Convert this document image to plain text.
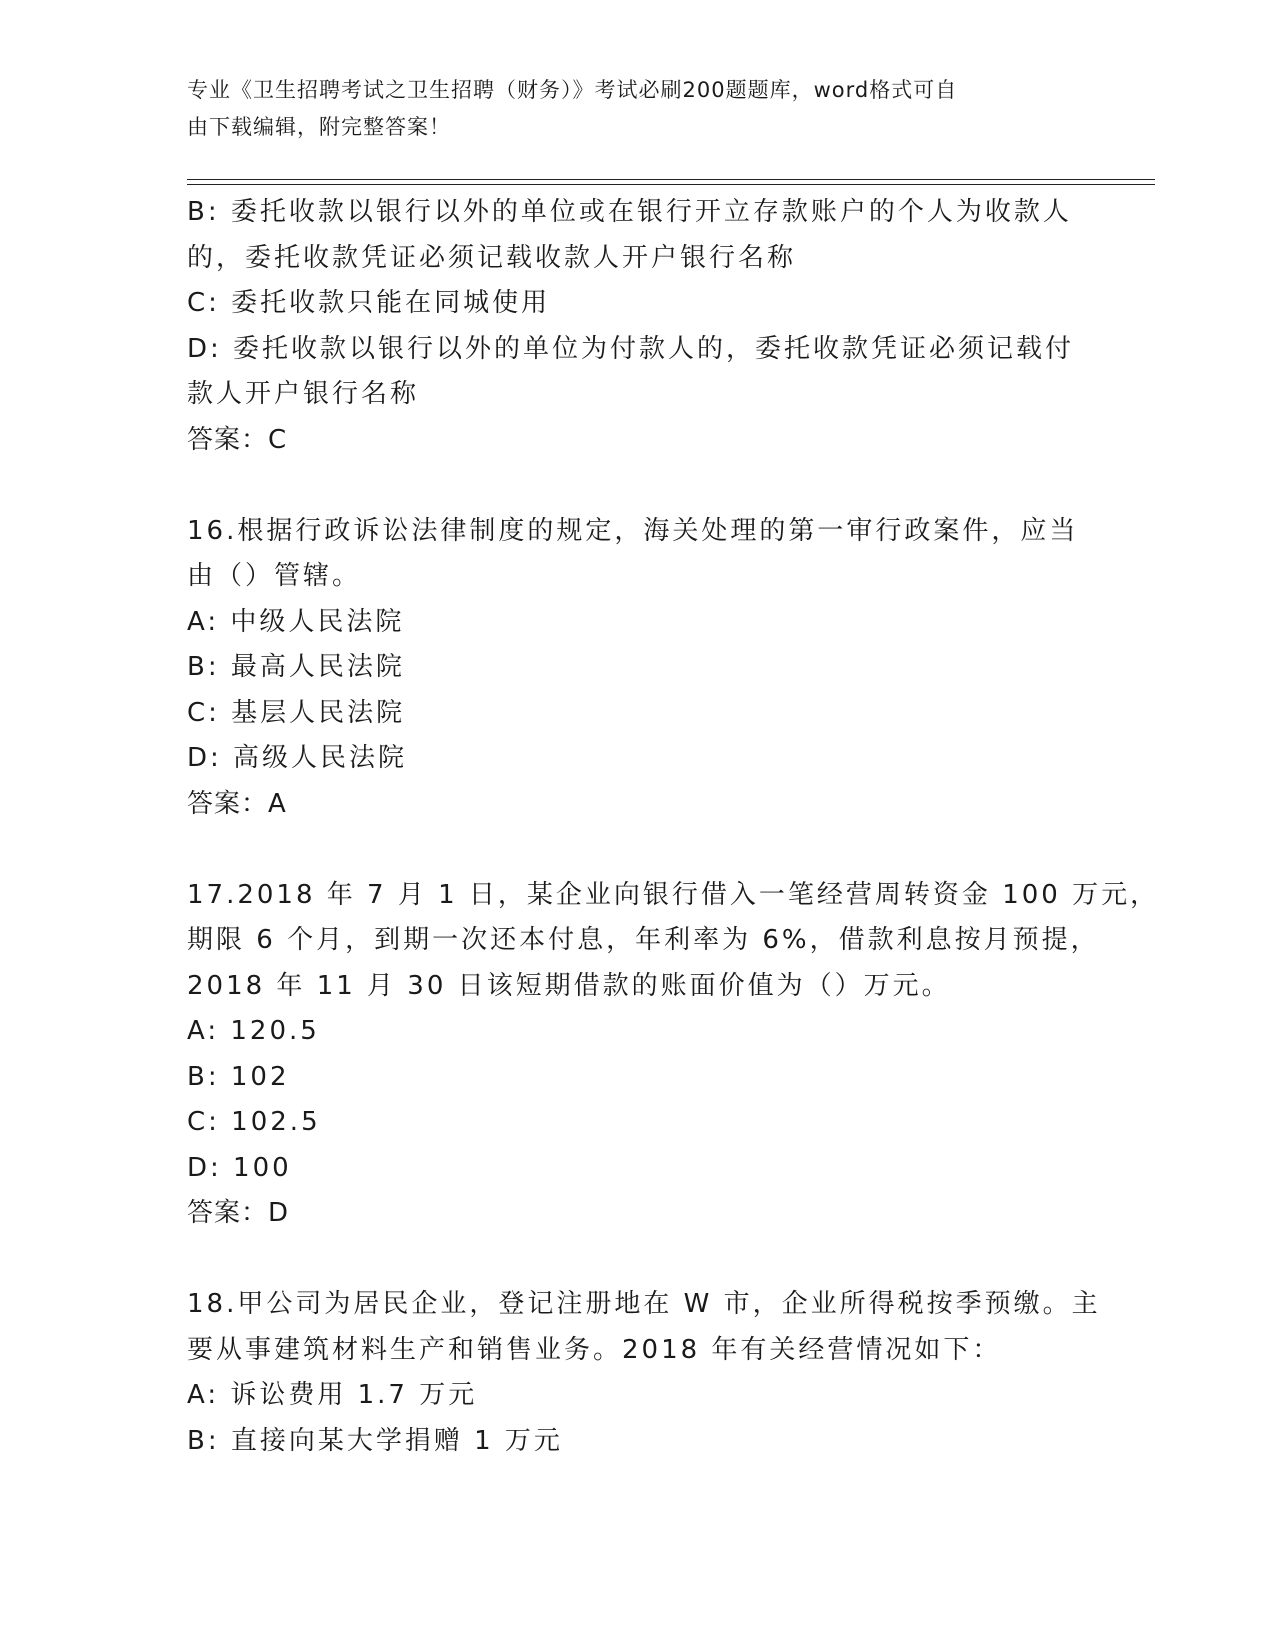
专业《卫生招聘考试之卫生招聘（财务）》考试必刷200题题库，word格式可自
由下载编辑，附完整答案！
B: 委托收款以银行以外的单位或在银行开立存款账户的个人为收款人
的，委托收款凭证必须记载收款人开户银行名称
C: 委托收款只能在同城使用
D: 委托收款以银行以外的单位为付款人的，委托收款凭证必须记载付
款人开户银行名称
答案：C
16.根据行政诉讼法律制度的规定，海关处理的第一审行政案件，应当
由（）管辖。
A: 中级人民法院
B: 最高人民法院
C: 基层人民法院
D: 高级人民法院
答案：A
17.2018 年 7 月 1 日，某企业向银行借入一笔经营周转资金 100 万元，
期限 6 个月，到期一次还本付息，年利率为 6%，借款利息按月预提，
2018 年 11 月 30 日该短期借款的账面价值为（）万元。
A: 120.5
B: 102
C: 102.5
D: 100
答案：D
18.甲公司为居民企业，登记注册地在 W 市，企业所得税按季预缴。主
要从事建筑材料生产和销售业务。2018 年有关经营情况如下：
A: 诉讼费用 1.7 万元
B: 直接向某大学捐赠 1 万元
